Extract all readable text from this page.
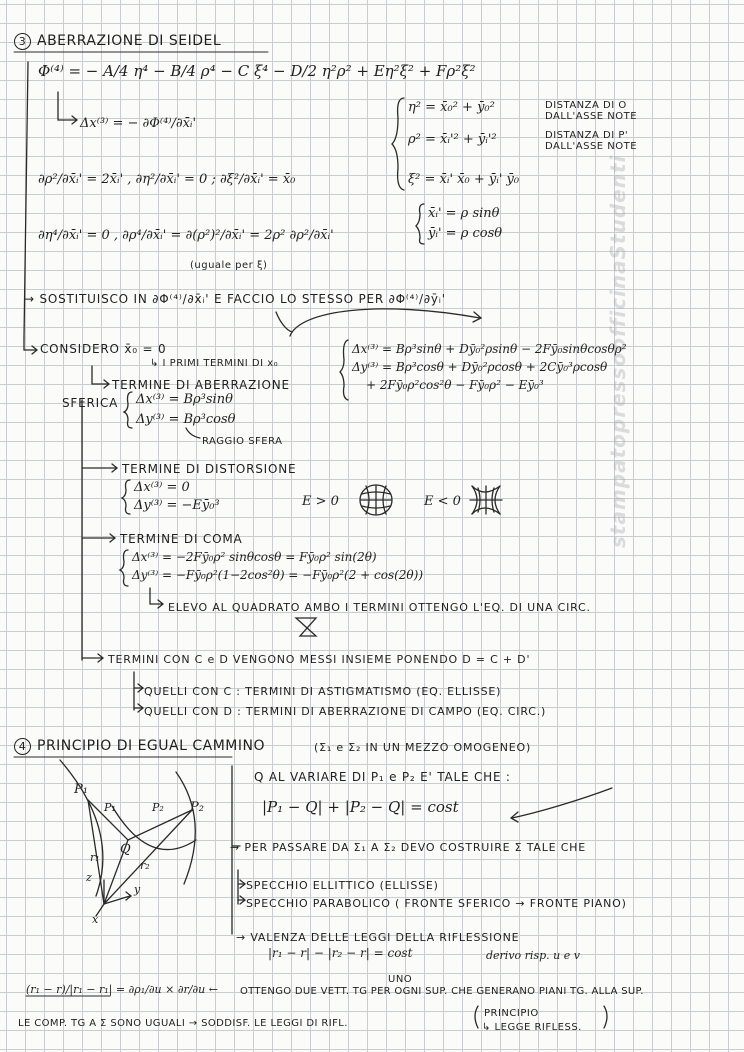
stampatopressoofficinaStudenti
3 ABERRAZIONE DI SEIDEL
Φ⁽⁴⁾ = − A/4 η⁴ − B/4 ρ⁴ − C ξ⁴ − D/2 η²ρ² + Eη²ξ² + Fρ²ξ²
Δx⁽³⁾ = − ∂Φ⁽⁴⁾/∂x̄ᵢ'
η² = x̄₀² + ȳ₀²	DISTANZA DI O DALL'ASSE NOTE
ρ² = x̄ᵢ'² + ȳᵢ'²	DISTANZA DI P' DALL'ASSE NOTE
ξ² = x̄ᵢ' x̄₀ + ȳᵢ' ȳ₀
∂ρ²/∂x̄ᵢ' = 2x̄ᵢ' , ∂η²/∂x̄ᵢ' = 0 ; ∂ξ²/∂x̄ᵢ' = x̄₀
x̄ᵢ' = ρ sinθ
ȳᵢ' = ρ cosθ
∂η⁴/∂x̄ᵢ' = 0 , ∂ρ⁴/∂x̄ᵢ' = ∂(ρ²)²/∂x̄ᵢ' = 2ρ² ∂ρ²/∂x̄ᵢ'
(uguale per ξ)
→ SOSTITUISCO IN ∂Φ⁽⁴⁾/∂x̄ᵢ' E FACCIO LO STESSO PER ∂Φ⁽⁴⁾/∂ȳᵢ'
CONSIDERO x̄₀ = 0
↳ I PRIMI TERMINI DI x₀
Δx⁽³⁾ = Bρ³sinθ + Dȳ₀²ρsinθ − 2Fȳ₀sinθcosθρ²
Δy⁽³⁾ = Bρ³cosθ + Dȳ₀²ρcosθ + 2Cȳ₀³ρcosθ
+ 2Fȳ₀ρ²cos²θ − Fȳ₀ρ² − Eȳ₀³
TERMINE DI ABERRAZIONE
SFERICA Δx⁽³⁾ = Bρ³sinθ
Δy⁽³⁾ = Bρ³cosθ
RAGGIO SFERA
TERMINE DI DISTORSIONE
Δx⁽³⁾ = 0
Δy⁽³⁾ = −Eȳ₀³	E > 0	E < 0
TERMINE DI COMA
Δx⁽³⁾ = −2Fȳ₀ρ² sinθcosθ = Fȳ₀ρ² sin(2θ)
Δy⁽³⁾ = −Fȳ₀ρ²(1−2cos²θ) = −Fȳ₀ρ²(2 + cos(2θ))
ELEVO AL QUADRATO AMBO I TERMINI OTTENGO L'EQ. DI UNA CIRC.
TERMINI CON C e D VENGONO MESSI INSIEME PONENDO D = C + D'
QUELLI CON C : TERMINI DI ASTIGMATISMO (EQ. ELLISSE)
QUELLI CON D : TERMINI DI ABERRAZIONE DI CAMPO (EQ. CIRC.)
4 PRINCIPIO DI EGUAL CAMMINO	(Σ₁ e Σ₂ IN UN MEZZO OMOGENEO)
Q AL VARIARE DI P₁ e P₂ E' TALE CHE :
|P₁ − Q| + |P₂ − Q| = cost
→ PER PASSARE DA Σ₁ A Σ₂ DEVO COSTRUIRE Σ TALE CHE
SPECCHIO ELLITTICO (ELLISSE)
SPECCHIO PARABOLICO ( FRONTE SFERICO → FRONTE PIANO)
→ VALENZA DELLE LEGGI DELLA RIFLESSIONE
|r₁ − r| − |r₂ − r| = cost	derivo risp. u e v
(r₁ − r)/|r₁ − r₁| = ∂ρ₁/∂u × ∂r/∂u ←
UNO
OTTENGO DUE VETT. TG PER OGNI SUP. CHE GENERANO PIANI TG. ALLA SUP.
LE COMP. TG A Σ SONO UGUALI → SODDISF. LE LEGGI DI RIFL.
PRINCIPIO
↳ LEGGE RIFLESS.
P₁
P₂
P₁	P₂
Q
r₁
r₂
z
y
x
